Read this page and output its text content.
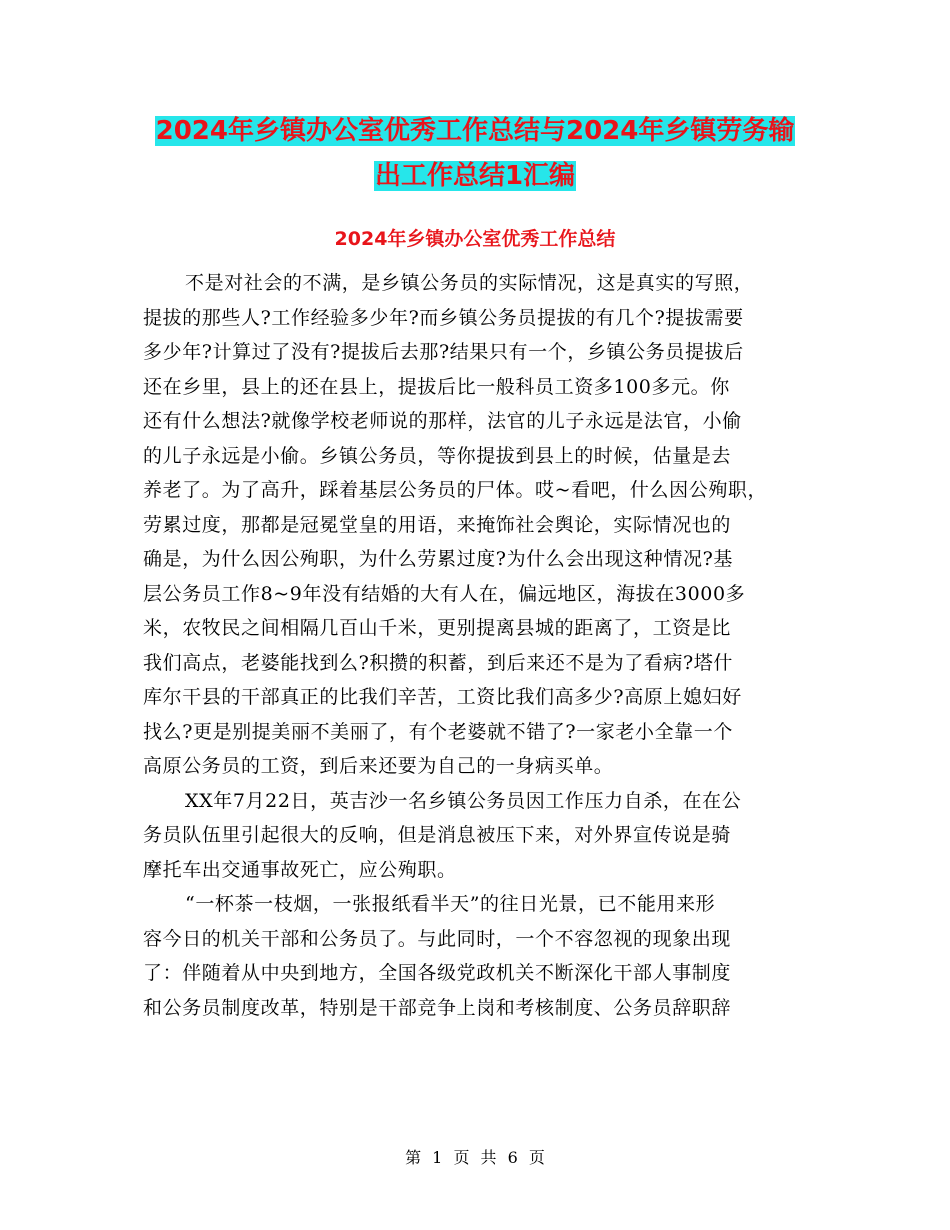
2024年乡镇办公室优秀工作总结与2024年乡镇劳务输
出工作总结1汇编
2024年乡镇办公室优秀工作总结
不是对社会的不满，是乡镇公务员的实际情况，这是真实的写照，
提拔的那些人?工作经验多少年?而乡镇公务员提拔的有几个?提拔需要
多少年?计算过了没有?提拔后去那?结果只有一个，乡镇公务员提拔后
还在乡里，县上的还在县上，提拔后比一般科员工资多100多元。你
还有什么想法?就像学校老师说的那样，法官的儿子永远是法官，小偷
的儿子永远是小偷。乡镇公务员，等你提拔到县上的时候，估量是去
养老了。为了高升，踩着基层公务员的尸体。哎~看吧，什么因公殉职，
劳累过度，那都是冠冕堂皇的用语，来掩饰社会舆论，实际情况也的
确是，为什么因公殉职，为什么劳累过度?为什么会出现这种情况?基
层公务员工作8~9年没有结婚的大有人在，偏远地区，海拔在3000多
米，农牧民之间相隔几百山千米，更别提离县城的距离了，工资是比
我们高点，老婆能找到么?积攒的积蓄，到后来还不是为了看病?塔什
库尔干县的干部真正的比我们辛苦，工资比我们高多少?高原上媳妇好
找么?更是别提美丽不美丽了，有个老婆就不错了?一家老小全靠一个
高原公务员的工资，到后来还要为自己的一身病买单。
XX年7月22日，英吉沙一名乡镇公务员因工作压力自杀，在在公
务员队伍里引起很大的反响，但是消息被压下来，对外界宣传说是骑
摩托车出交通事故死亡，应公殉职。
“一杯茶一枝烟，一张报纸看半天”的往日光景，已不能用来形
容今日的机关干部和公务员了。与此同时，一个不容忽视的现象出现
了：伴随着从中央到地方，全国各级党政机关不断深化干部人事制度
和公务员制度改革，特别是干部竞争上岗和考核制度、公务员辞职辞
第 1 页 共 6 页
